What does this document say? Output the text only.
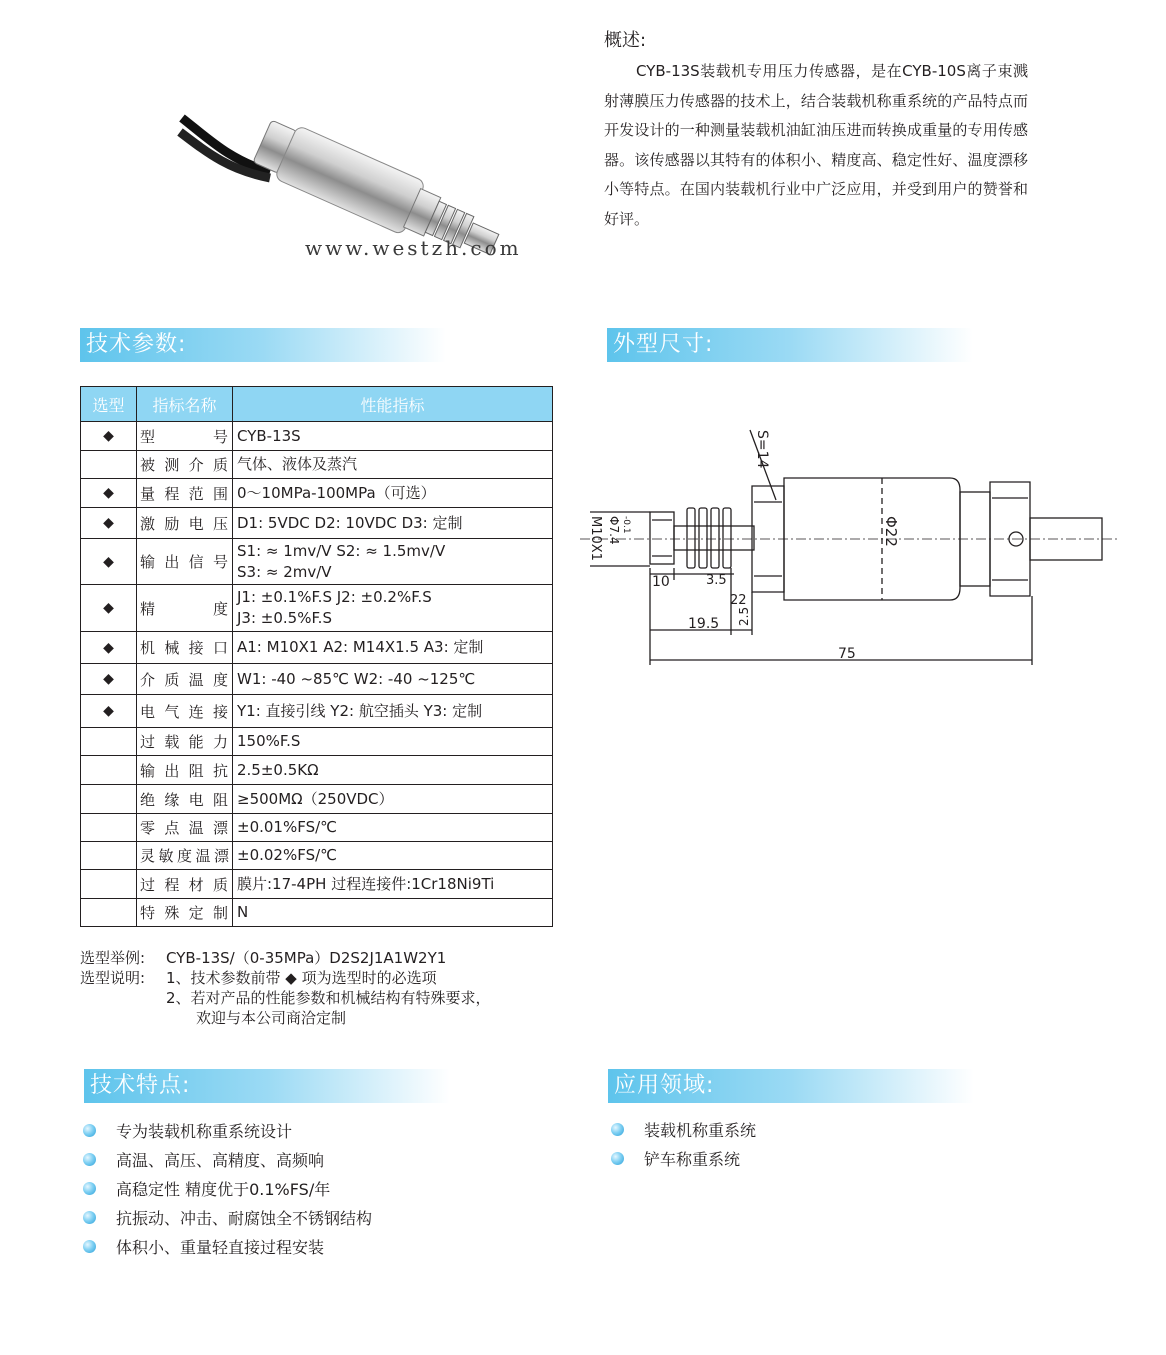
概述:
CYB-13S装载机专用压力传感器，是在CYB-10S离子束溅射薄膜压力传感器的技术上，结合装载机称重系统的产品特点而开发设计的一种测量装载机油缸油压进而转换成重量的专用传感器。该传感器以其特有的体积小、精度高、稳定性好、温度漂移小等特点。在国内装载机行业中广泛应用，并受到用户的赞誉和好评。
www.westzh.com
技术参数:	外型尺寸:
技术特点:	应用领域:
选型	指标名称	性能指标
◆	型号	CYB-13S
	被测介质	气体、液体及蒸汽
◆	量程范围	0～10MPa-100MPa（可选）
◆	激励电压	D1: 5VDC D2: 10VDC D3: 定制
◆	输出信号	S1: ≈ 1mv/V S2: ≈ 1.5mv/V
S3: ≈ 2mv/V

◆	精度	J1: ±0.1%F.S J2: ±0.2%F.S
J3: ±0.5%F.S

◆	机械接口	A1: M10X1 A2: M14X1.5 A3: 定制
◆	介质温度	W1: -40 ~85℃ W2: -40 ~125℃
◆	电气连接	Y1: 直接引线 Y2: 航空插头 Y3: 定制
	过载能力	150%F.S
	输出阻抗	2.5±0.5KΩ
	绝缘电阻	≥500MΩ（250VDC）
	零点温漂	±0.01%FS/℃
	灵敏度温漂	±0.02%FS/℃
	过程材质	膜片:17-4PH 过程连接件:1Cr18Ni9Ti
	特殊定制	N
选型举例:	CYB-13S/（0-35MPa）D2S2J1A1W2Y1
选型说明:	1、技术参数前带 ◆ 项为选型时的必选项
2、若对产品的性能参数和机械结构有特殊要求，
欢迎与本公司商洽定制
10	3.5
22
19.5 2.5
75
S=14
M10X1 Φ7.4 -0.1	Φ22
专为装载机称重系统设计
高温、高压、高精度、高频响
高稳定性 精度优于0.1%FS/年
抗振动、冲击、耐腐蚀全不锈钢结构
体积小、重量轻直接过程安装
装载机称重系统
铲车称重系统
